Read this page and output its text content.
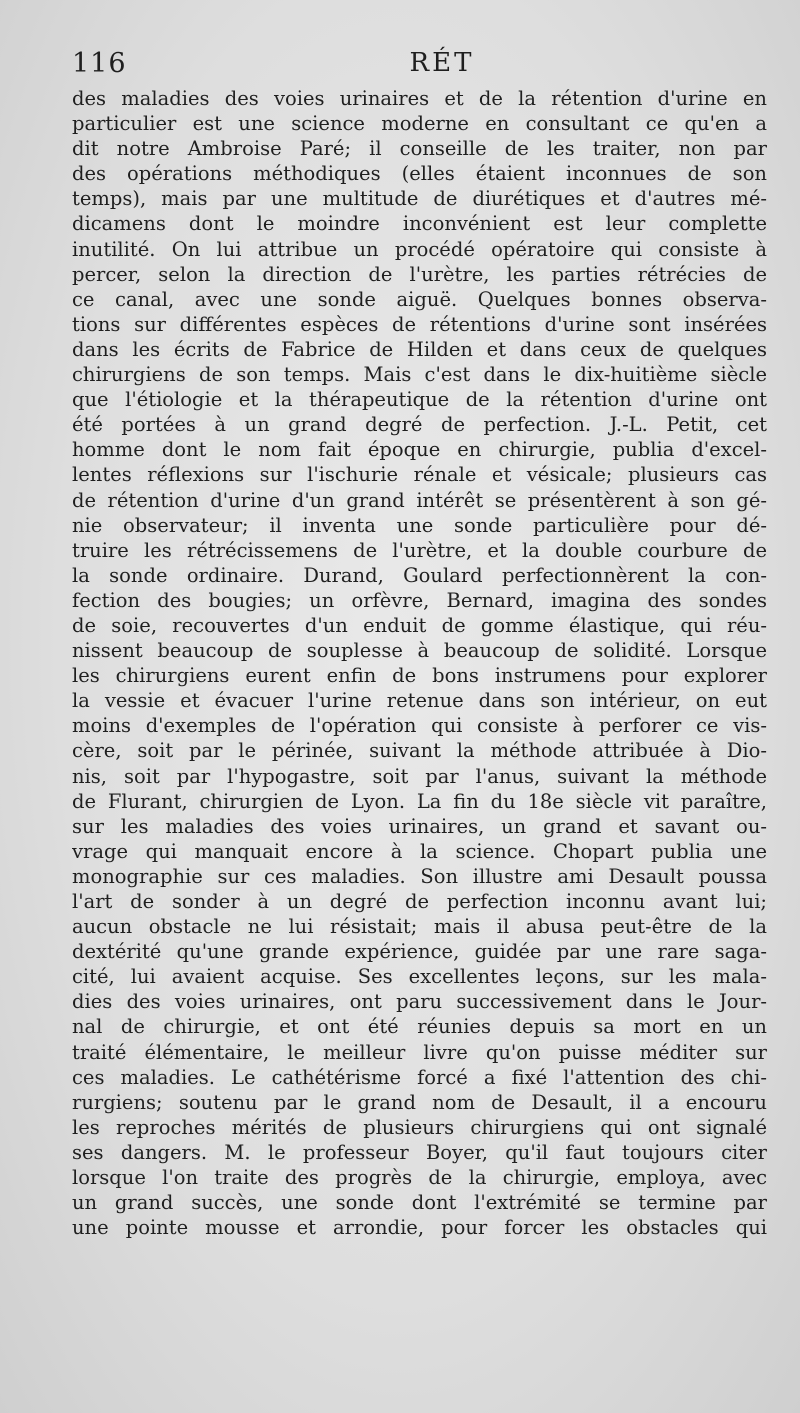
116	RÉT
des maladies des voies urinaires et de la rétention d'urine en
particulier est une science moderne en consultant ce qu'en a
dit notre Ambroise Paré; il conseille de les traiter, non par
des opérations méthodiques (elles étaient inconnues de son
temps), mais par une multitude de diurétiques et d'autres mé-
dicamens dont le moindre inconvénient est leur complette
inutilité. On lui attribue un procédé opératoire qui consiste à
percer, selon la direction de l'urètre, les parties rétrécies de
ce canal, avec une sonde aiguë. Quelques bonnes observa-
tions sur différentes espèces de rétentions d'urine sont insérées
dans les écrits de Fabrice de Hilden et dans ceux de quelques
chirurgiens de son temps. Mais c'est dans le dix-huitième siècle
que l'étiologie et la thérapeutique de la rétention d'urine ont
été portées à un grand degré de perfection. J.-L. Petit, cet
homme dont le nom fait époque en chirurgie, publia d'excel-
lentes réflexions sur l'ischurie rénale et vésicale; plusieurs cas
de rétention d'urine d'un grand intérêt se présentèrent à son gé-
nie observateur; il inventa une sonde particulière pour dé-
truire les rétrécissemens de l'urètre, et la double courbure de
la sonde ordinaire. Durand, Goulard perfectionnèrent la con-
fection des bougies; un orfèvre, Bernard, imagina des sondes
de soie, recouvertes d'un enduit de gomme élastique, qui réu-
nissent beaucoup de souplesse à beaucoup de solidité. Lorsque
les chirurgiens eurent enfin de bons instrumens pour explorer
la vessie et évacuer l'urine retenue dans son intérieur, on eut
moins d'exemples de l'opération qui consiste à perforer ce vis-
cère, soit par le périnée, suivant la méthode attribuée à Dio-
nis, soit par l'hypogastre, soit par l'anus, suivant la méthode
de Flurant, chirurgien de Lyon. La fin du 18e siècle vit paraître,
sur les maladies des voies urinaires, un grand et savant ou-
vrage qui manquait encore à la science. Chopart publia une
monographie sur ces maladies. Son illustre ami Desault poussa
l'art de sonder à un degré de perfection inconnu avant lui;
aucun obstacle ne lui résistait; mais il abusa peut-être de la
dextérité qu'une grande expérience, guidée par une rare saga-
cité, lui avaient acquise. Ses excellentes leçons, sur les mala-
dies des voies urinaires, ont paru successivement dans le Jour-
nal de chirurgie, et ont été réunies depuis sa mort en un
traité élémentaire, le meilleur livre qu'on puisse méditer sur
ces maladies. Le cathétérisme forcé a fixé l'attention des chi-
rurgiens; soutenu par le grand nom de Desault, il a encouru
les reproches mérités de plusieurs chirurgiens qui ont signalé
ses dangers. M. le professeur Boyer, qu'il faut toujours citer
lorsque l'on traite des progrès de la chirurgie, employa, avec
un grand succès, une sonde dont l'extrémité se termine par
une pointe mousse et arrondie, pour forcer les obstacles qui
